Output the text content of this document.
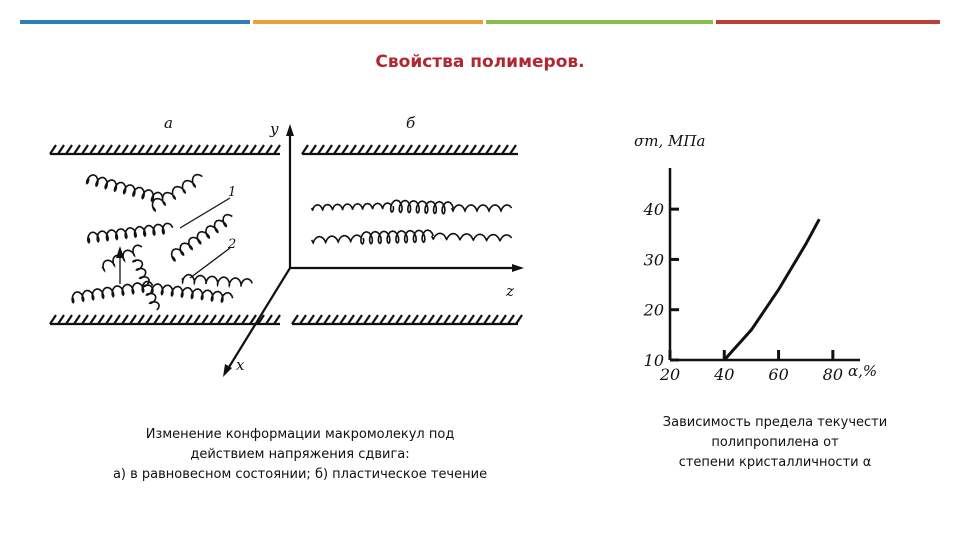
Свойства полимеров.
а	б
y
z
x
1
2
σт, МПа
α,%
10
20
30
40
20 40 60 80
Изменение конформации макромолекул под
действием напряжения сдвига:
а) в равновесном состоянии; б) пластическое течение
Зависимость предела текучести
полипропилена от
степени кристалличности α
